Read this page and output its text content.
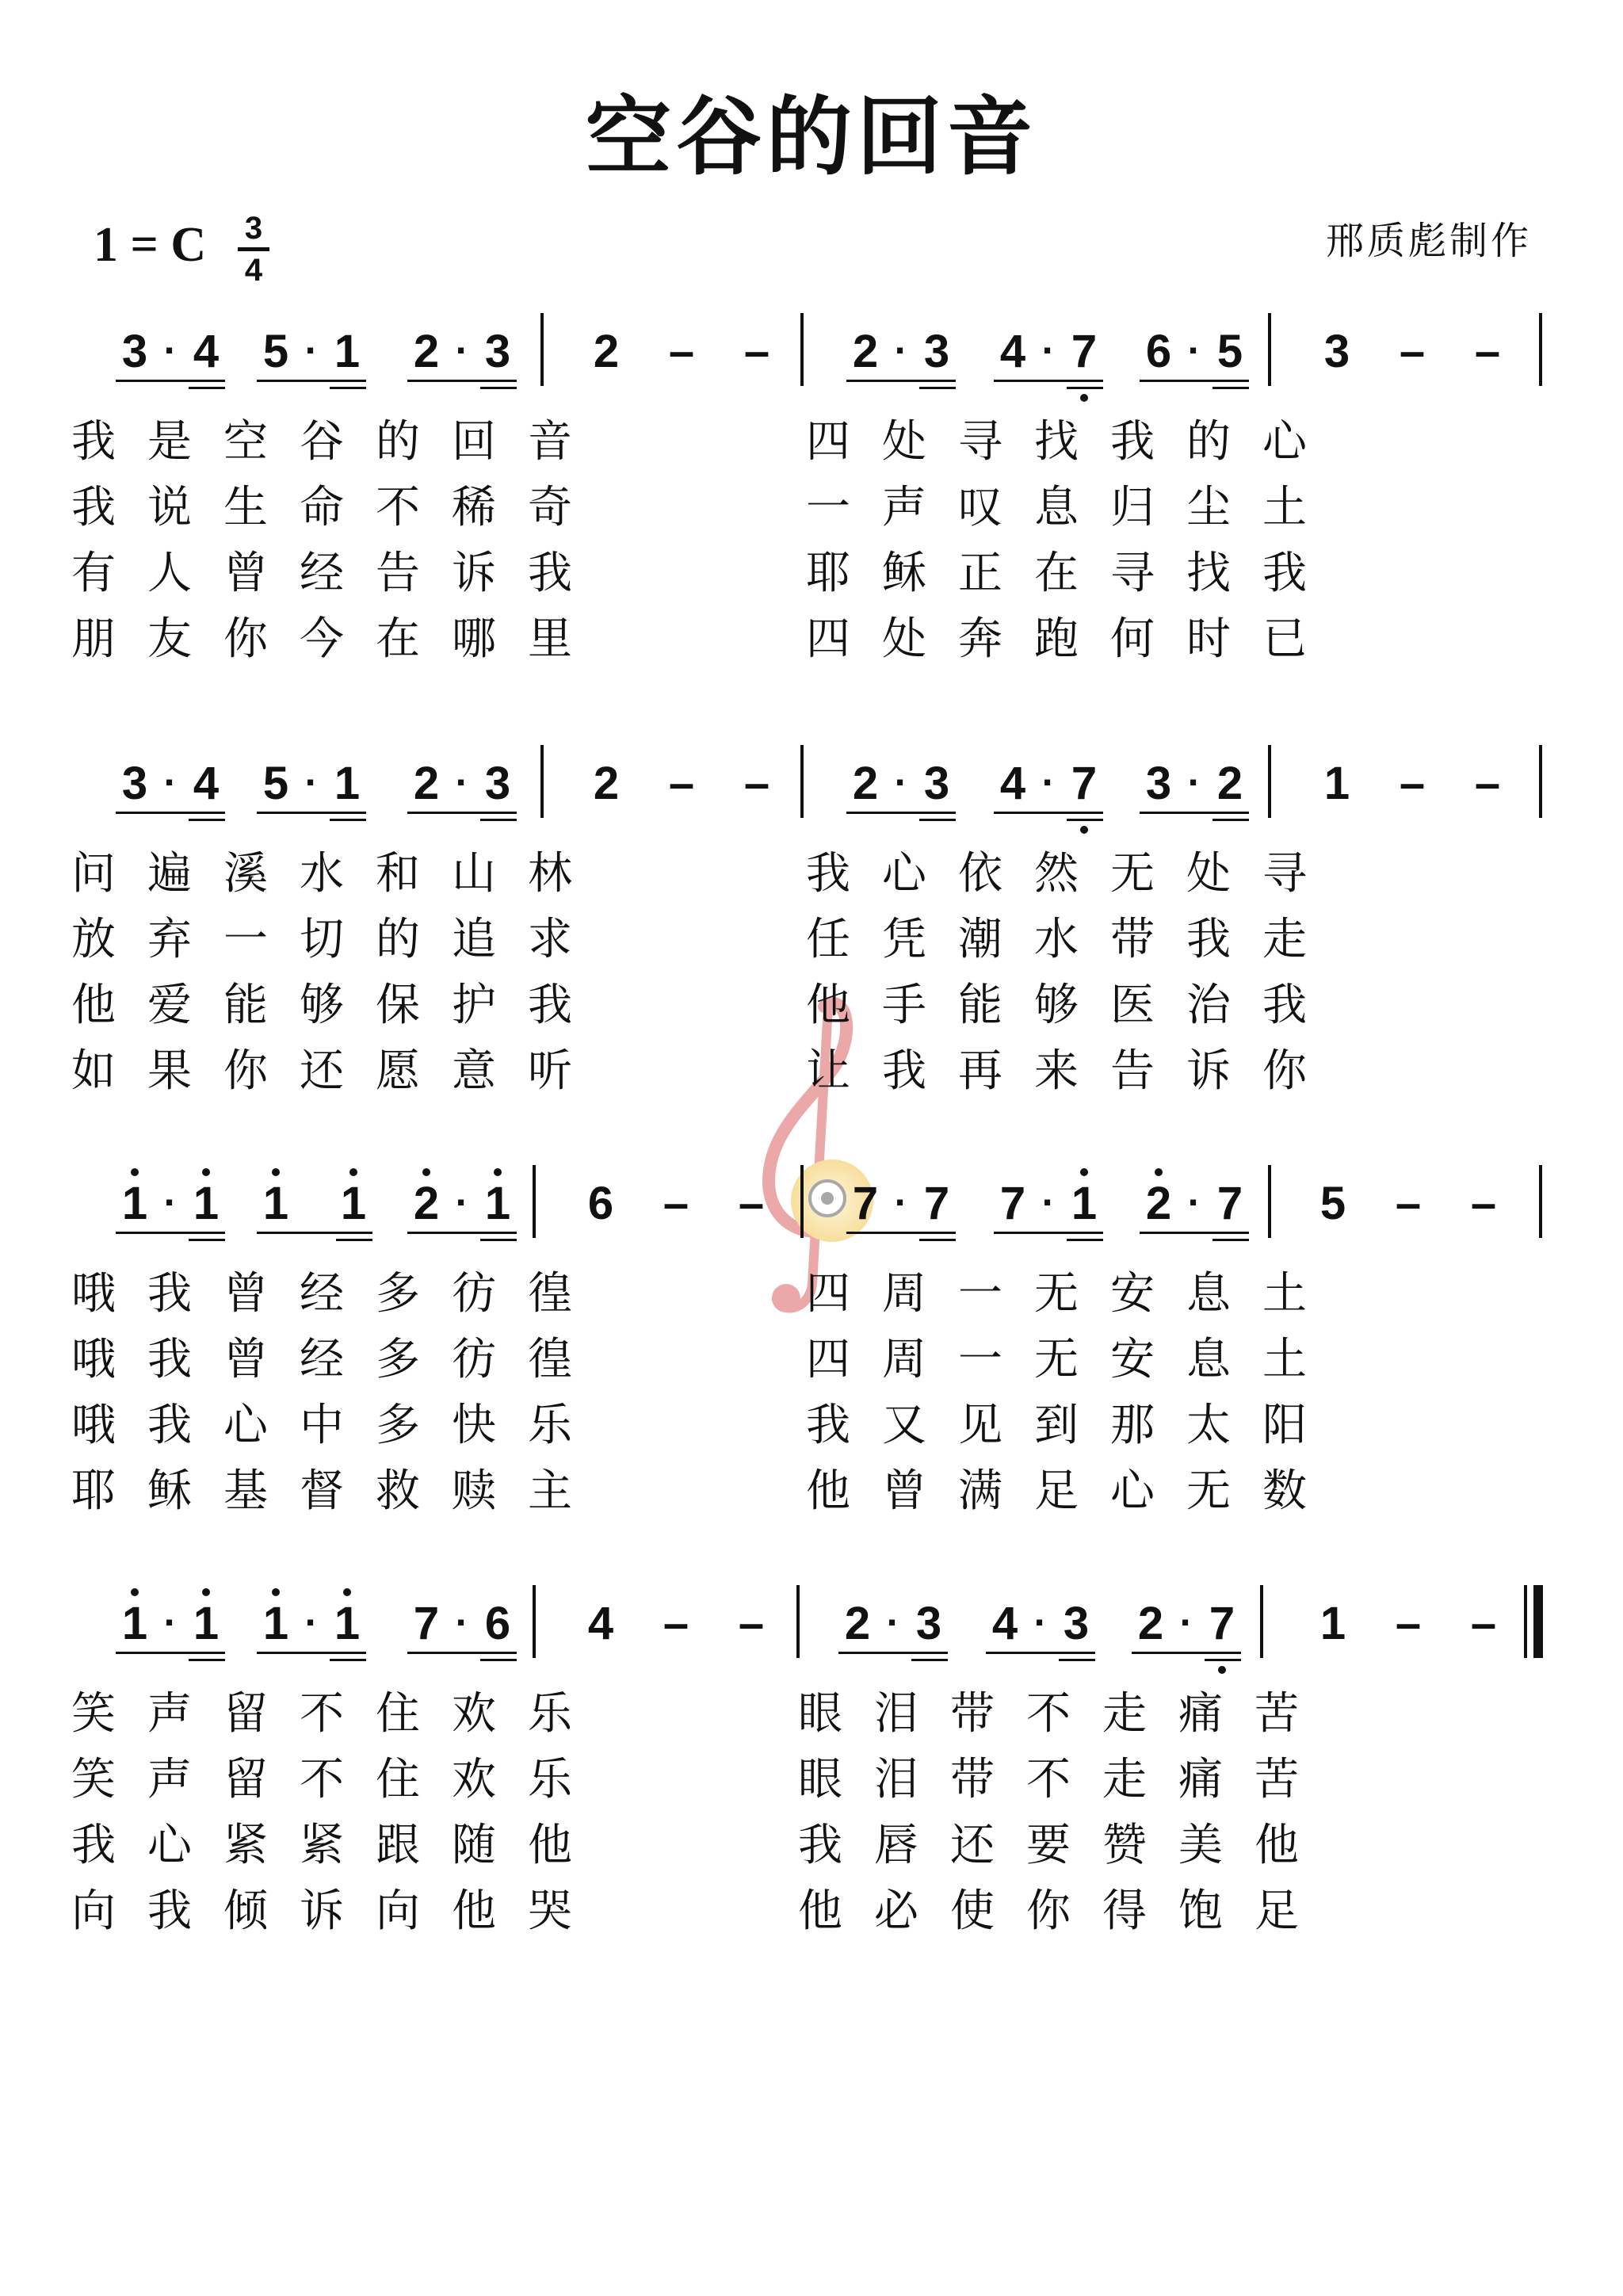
空谷的回音
1 = C 3
4
邢质彪制作
3 4
· 5 1
· 2 3
·	2 3
· 4 7
· 6 5
·
2 – –	3 – –
我 是 空 谷 的 回 音	四 处 寻 找 我 的 心
我 说 生 命 不 稀 奇	一 声 叹 息 归 尘 土
有 人 曾 经 告 诉 我	耶 稣 正 在 寻 找 我
朋 友 你 今 在 哪 里	四 处 奔 跑 何 时 已
3 4
· 5 1
· 2 3
·	2 3
· 4 7
· 3 2
·
2 – –	1 – –
问 遍 溪 水 和 山 林	我 心 依 然 无 处 寻
放 弃 一 切 的 追 求	任 凭 潮 水 带 我 走
他 爱 能 够 保 护 我	他 手 能 够 医 治 我
如 果 你 还 愿 意 听	让 我 再 来 告 诉 你
1 1
· 1 1 2 1
·	7 7
· 7 1
· 2 7
·
6 – –	5 – –
哦 我 曾 经 多 彷 徨	四 周 一 无 安 息 土
哦 我 曾 经 多 彷 徨	四 周 一 无 安 息 土
哦 我 心 中 多 快 乐	我 又 见 到 那 太 阳
耶 稣 基 督 救 赎 主	他 曾 满 足 心 无 数
1 1
· 1 1
· 7 6
·	2 3
· 4 3
· 2 7
·
4 – –	1 – –
笑 声 留 不 住 欢 乐	眼 泪 带 不 走 痛 苦
笑 声 留 不 住 欢 乐	眼 泪 带 不 走 痛 苦
我 心 紧 紧 跟 随 他	我 唇 还 要 赞 美 他
向 我 倾 诉 向 他 哭	他 必 使 你 得 饱 足
